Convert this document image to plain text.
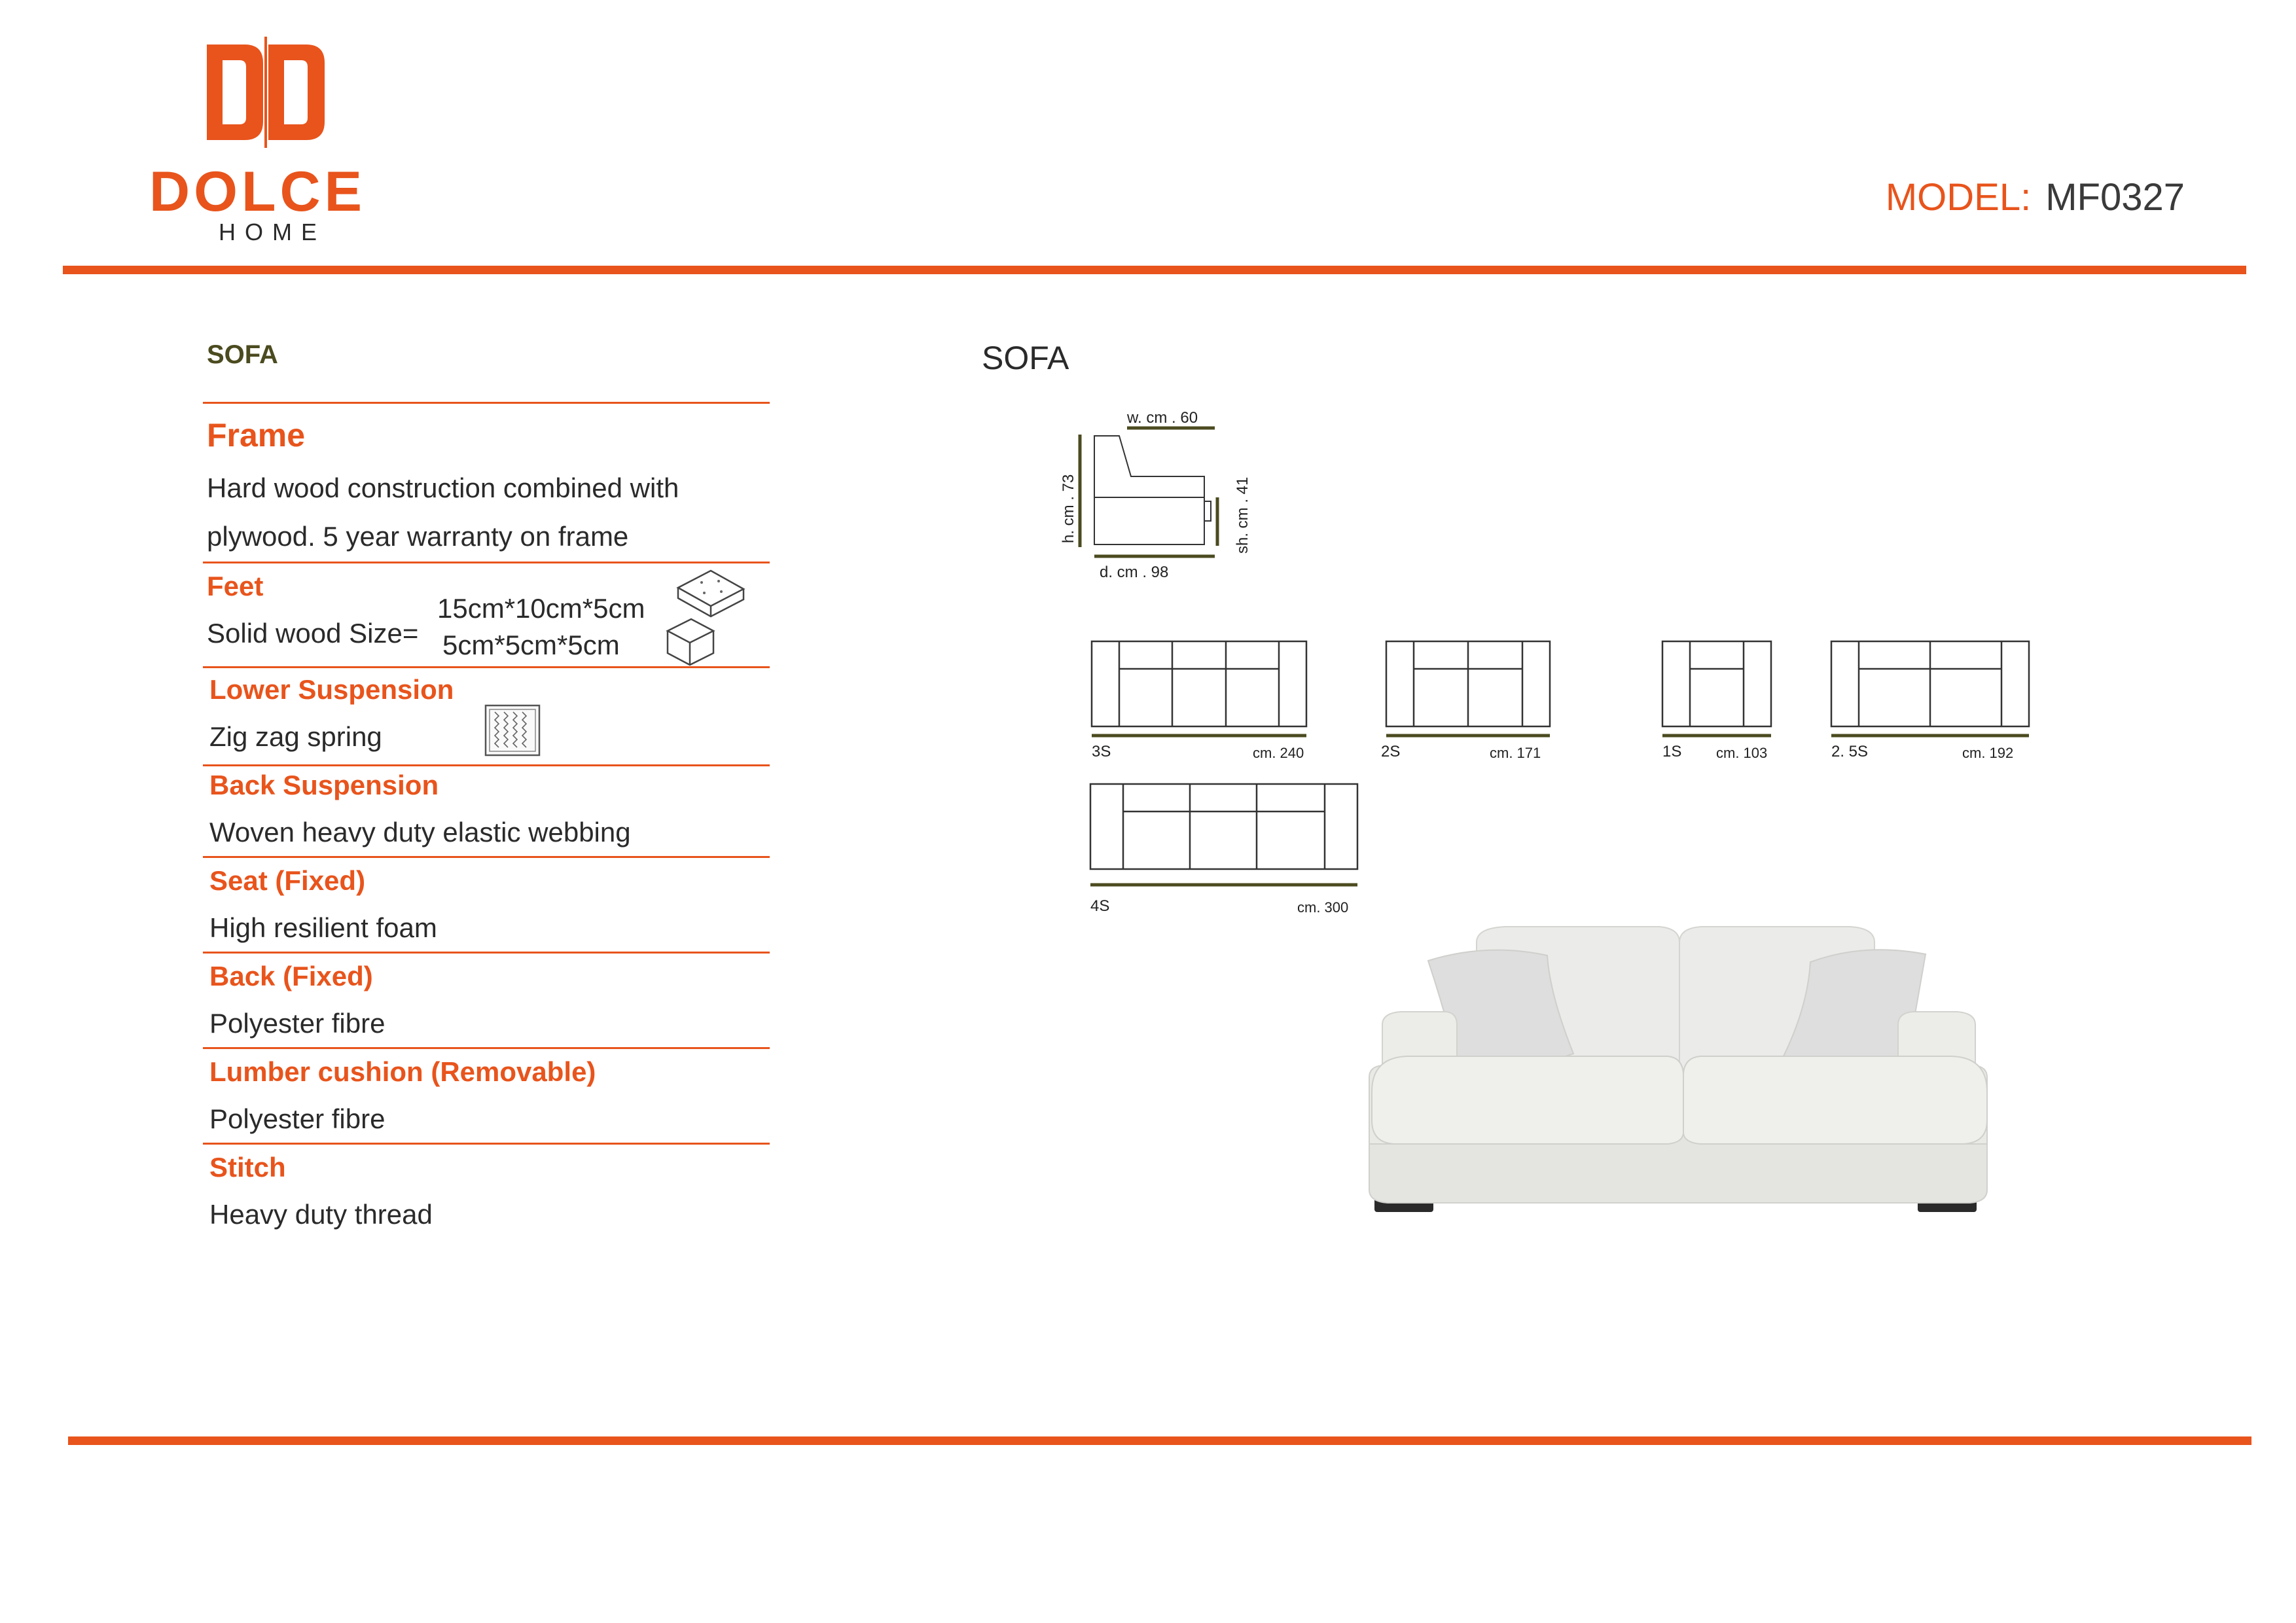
DOLCE
HOME
MODEL: MF0327
SOFA
Frame
Hard wood construction combined with
plywood. 5 year warranty on frame
Feet
Solid wood Size=
15cm*10cm*5cm
5cm*5cm*5cm
Lower Suspension
Zig zag spring
Back Suspension
Woven heavy duty elastic webbing
Seat (Fixed)
High resilient foam
Back (Fixed)
Polyester fibre
Lumber cushion (Removable)
Polyester fibre
Stitch
Heavy duty thread
SOFA
w. cm . 60
h. cm . 73	sh. cm . 41
d. cm . 98
3S	cm. 240	2S	cm. 171	1S cm. 103	2. 5S	cm. 192
4S	cm. 300
